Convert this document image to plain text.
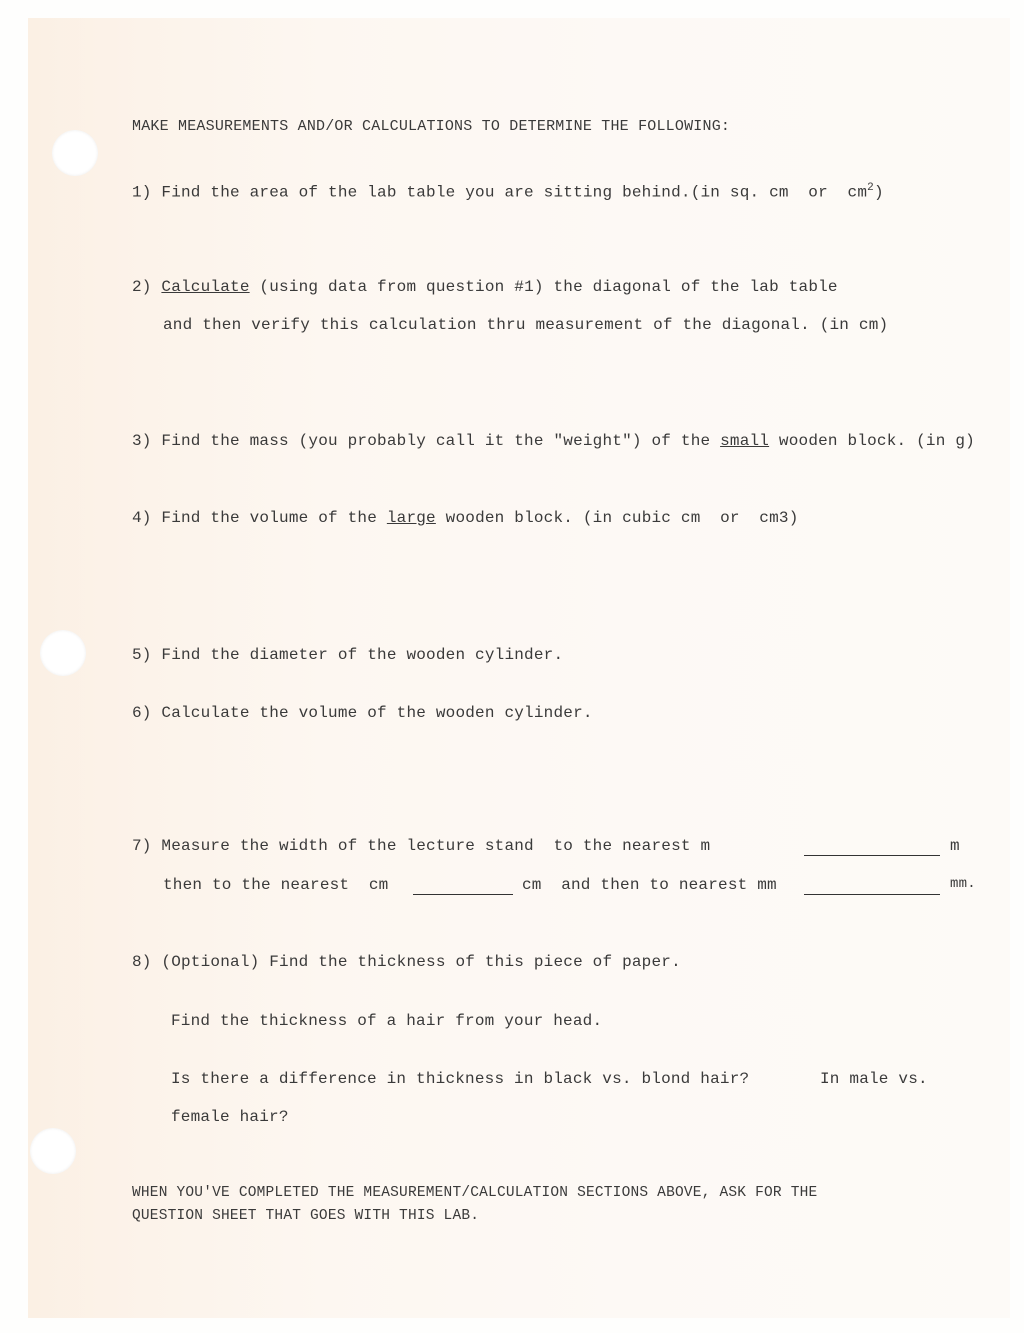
MAKE MEASUREMENTS AND/OR CALCULATIONS TO DETERMINE THE FOLLOWING:
1) Find the area of the lab table you are sitting behind.(in sq. cm  or  $cm^2$)
2) Calculate (using data from question #1) the diagonal of the lab table
and then verify this calculation thru measurement of the diagonal. (in cm)
3) Find the mass (you probably call it the "weight") of the small wooden block. (in g)
4) Find the volume of the large wooden block. (in cubic cm  or  cm3)
5) Find the diameter of the wooden cylinder.
6) Calculate the volume of the wooden cylinder.
7) Measure the width of the lecture stand  to the nearest m	m
then to the nearest  cm	cm  and then to nearest mm	mm.
8) (Optional) Find the thickness of this piece of paper.
Find the thickness of a hair from your head.
Is there a difference in thickness in black vs. blond hair?	In male vs.
female hair?
WHEN YOU'VE COMPLETED THE MEASUREMENT/CALCULATION SECTIONS ABOVE, ASK FOR THE
QUESTION SHEET THAT GOES WITH THIS LAB.
